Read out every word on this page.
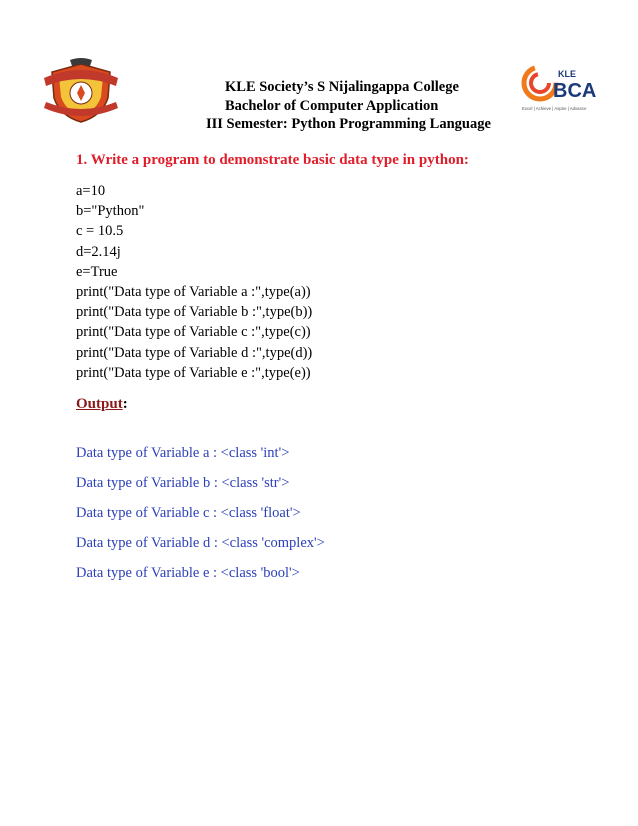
KLE Society’s S Nijalingappa College
Bachelor of Computer Application
III Semester: Python Programming Language
KLE
BCA
Excel | Achieve | Aspire | Advance
1. Write a program to demonstrate basic data type in python:
a=10
b="Python"
c = 10.5
d=2.14j
e=True
print("Data type of Variable a :",type(a))
print("Data type of Variable b :",type(b))
print("Data type of Variable c :",type(c))
print("Data type of Variable d :",type(d))
print("Data type of Variable e :",type(e))
Output:
Data type of Variable a : <class 'int'>
Data type of Variable b : <class 'str'>
Data type of Variable c : <class 'float'>
Data type of Variable d : <class 'complex'>
Data type of Variable e : <class 'bool'>
